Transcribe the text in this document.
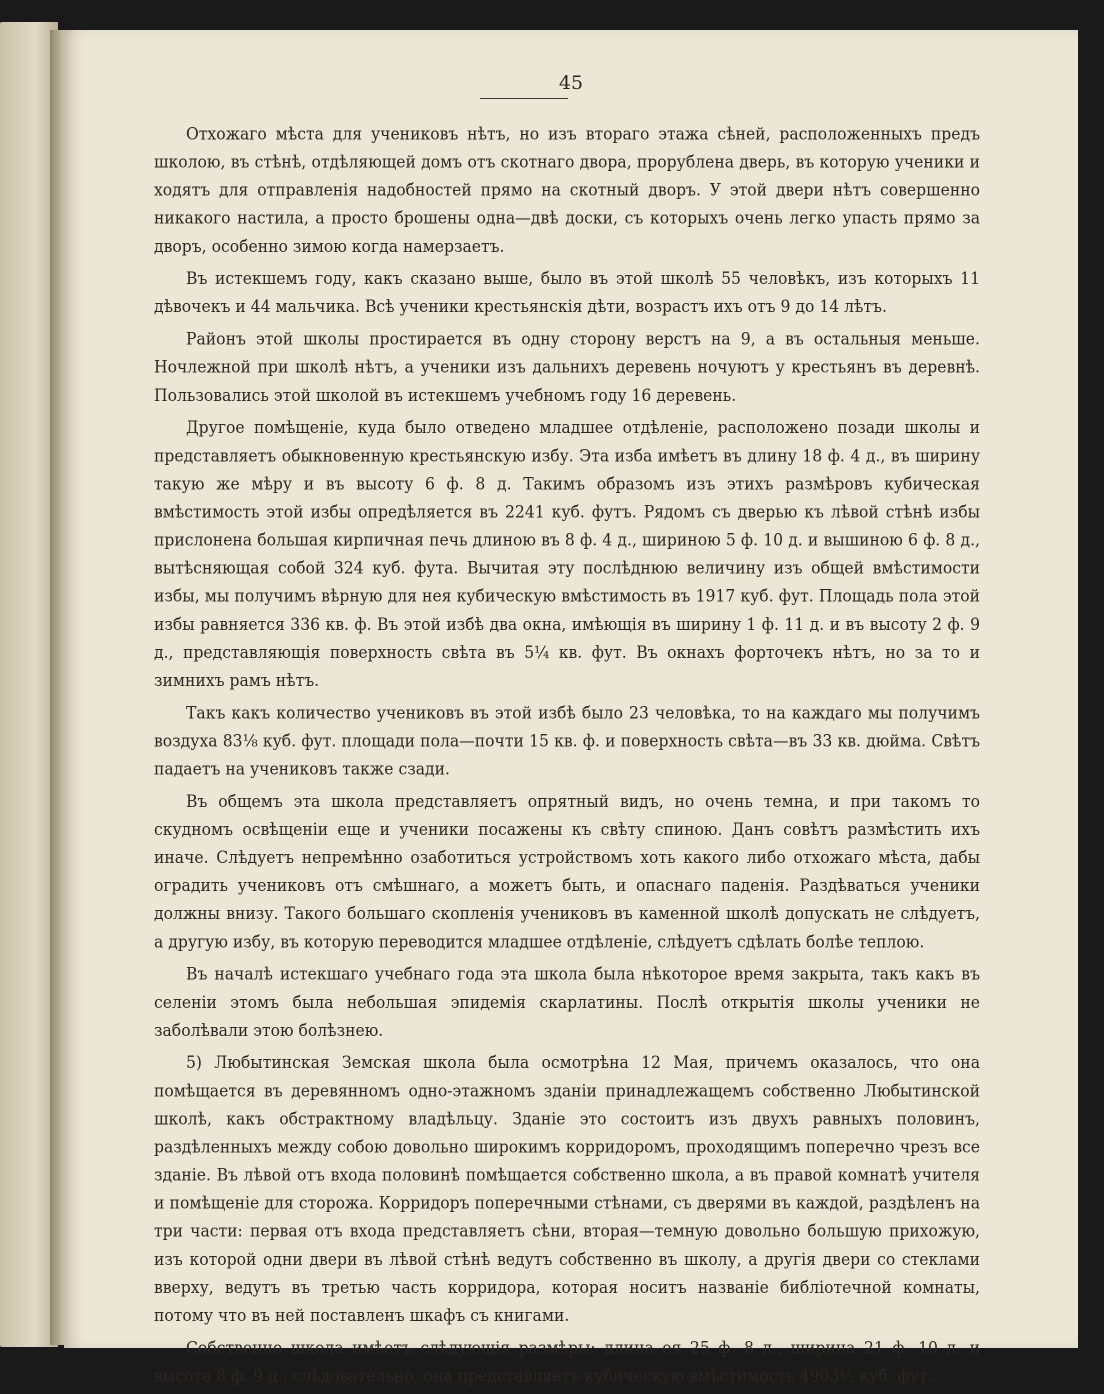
45

Отхожаго мѣста для учениковъ нѣтъ, но изъ втораго этажа сѣней, расположенныхъ предъ школою, въ стѣнѣ, отдѣляющей домъ отъ скотнаго двора, прорублена дверь, въ которую ученики и ходятъ для отправленія надобностей прямо на скотный дворъ. У этой двери нѣтъ совершенно никакого настила, а просто брошены одна—двѣ доски, съ которыхъ очень легко упасть прямо за дворъ, особенно зимою когда намерзаетъ.

Въ истекшемъ году, какъ сказано выше, было въ этой школѣ 55 человѣкъ, изъ которыхъ 11 дѣвочекъ и 44 мальчика. Всѣ ученики крестьянскія дѣти, возрастъ ихъ отъ 9 до 14 лѣтъ.

Районъ этой школы простирается въ одну сторону верстъ на 9, а въ остальныя меньше. Ночлежной при школѣ нѣтъ, а ученики изъ дальнихъ деревень ночуютъ у крестьянъ въ деревнѣ. Пользовались этой школой въ истекшемъ учебномъ году 16 деревень.

Другое помѣщеніе, куда было отведено младшее отдѣленіе, расположено позади школы и представляетъ обыкновенную крестьянскую избу. Эта изба имѣетъ въ длину 18 ф. 4 д., въ ширину такую же мѣру и въ высоту 6 ф. 8 д. Такимъ образомъ изъ этихъ размѣровъ кубическая вмѣстимость этой избы опредѣляется въ 2241 куб. футъ. Рядомъ съ дверью къ лѣвой стѣнѣ избы прислонена большая кирпичная печь длиною въ 8 ф. 4 д., шириною 5 ф. 10 д. и вышиною 6 ф. 8 д., вытѣсняющая собой 324 куб. фута. Вычитая эту послѣднюю величину изъ общей вмѣстимости избы, мы получимъ вѣрную для нея кубическую вмѣстимость въ 1917 куб. фут. Площадь пола этой избы равняется 336 кв. ф. Въ этой избѣ два окна, имѣющія въ ширину 1 ф. 11 д. и въ высоту 2 ф. 9 д., представляющія поверхность свѣта въ 5¼ кв. фут. Въ окнахъ форточекъ нѣтъ, но за то и зимнихъ рамъ нѣтъ.

Такъ какъ количество учениковъ въ этой избѣ было 23 человѣка, то на каждаго мы получимъ воздуха 83⅛ куб. фут. площади пола—почти 15 кв. ф. и поверхность свѣта—въ 33 кв. дюйма. Свѣтъ падаетъ на учениковъ также сзади.

Въ общемъ эта школа представляетъ опрятный видъ, но очень темна, и при такомъ то скудномъ освѣщеніи еще и ученики посажены къ свѣту спиною. Данъ совѣтъ размѣстить ихъ иначе. Слѣдуетъ непремѣнно озаботиться устройствомъ хоть какого либо отхожаго мѣста, дабы оградить учениковъ отъ смѣшнаго, а можетъ быть, и опаснаго паденія. Раздѣваться ученики должны внизу. Такого большаго скопленія учениковъ въ каменной школѣ допускать не слѣдуетъ, а другую избу, въ которую переводится младшее отдѣленіе, слѣдуетъ сдѣлать болѣе теплою.

Въ началѣ истекшаго учебнаго года эта школа была нѣкоторое время закрыта, такъ какъ въ селеніи этомъ была небольшая эпидемія скарлатины. Послѣ открытія школы ученики не заболѣвали этою болѣзнею.

5) Любытинская Земская школа была осмотрѣна 12 Мая, причемъ оказалось, что она помѣщается въ деревянномъ одно-этажномъ зданіи принадлежащемъ собственно Любытинской школѣ, какъ обстрактному владѣльцу. Зданіе это состоитъ изъ двухъ равныхъ половинъ, раздѣленныхъ между собою довольно широкимъ корридоромъ, проходящимъ поперечно чрезъ все зданіе. Въ лѣвой отъ входа половинѣ помѣщается собственно школа, а въ правой комнатѣ учителя и помѣщеніе для сторожа. Корридоръ поперечными стѣнами, съ дверями въ каждой, раздѣленъ на три части: первая отъ входа представляетъ сѣни, вторая—темную довольно большую прихожую, изъ которой одни двери въ лѣвой стѣнѣ ведутъ собственно въ школу, а другія двери со стеклами вверху, ведутъ въ третью часть корридора, которая носитъ названіе библіотечной комнаты, потому что въ ней поставленъ шкафъ съ книгами.

Собственно школа имѣетъ слѣдующія размѣры: длина ея 25 ф. 8 д., ширина 21 ф. 10 д. и высота 8 ф. 9 д., слѣдовательно, она представляетъ кубическую вмѣстимость 4903½ куб. фут.,
